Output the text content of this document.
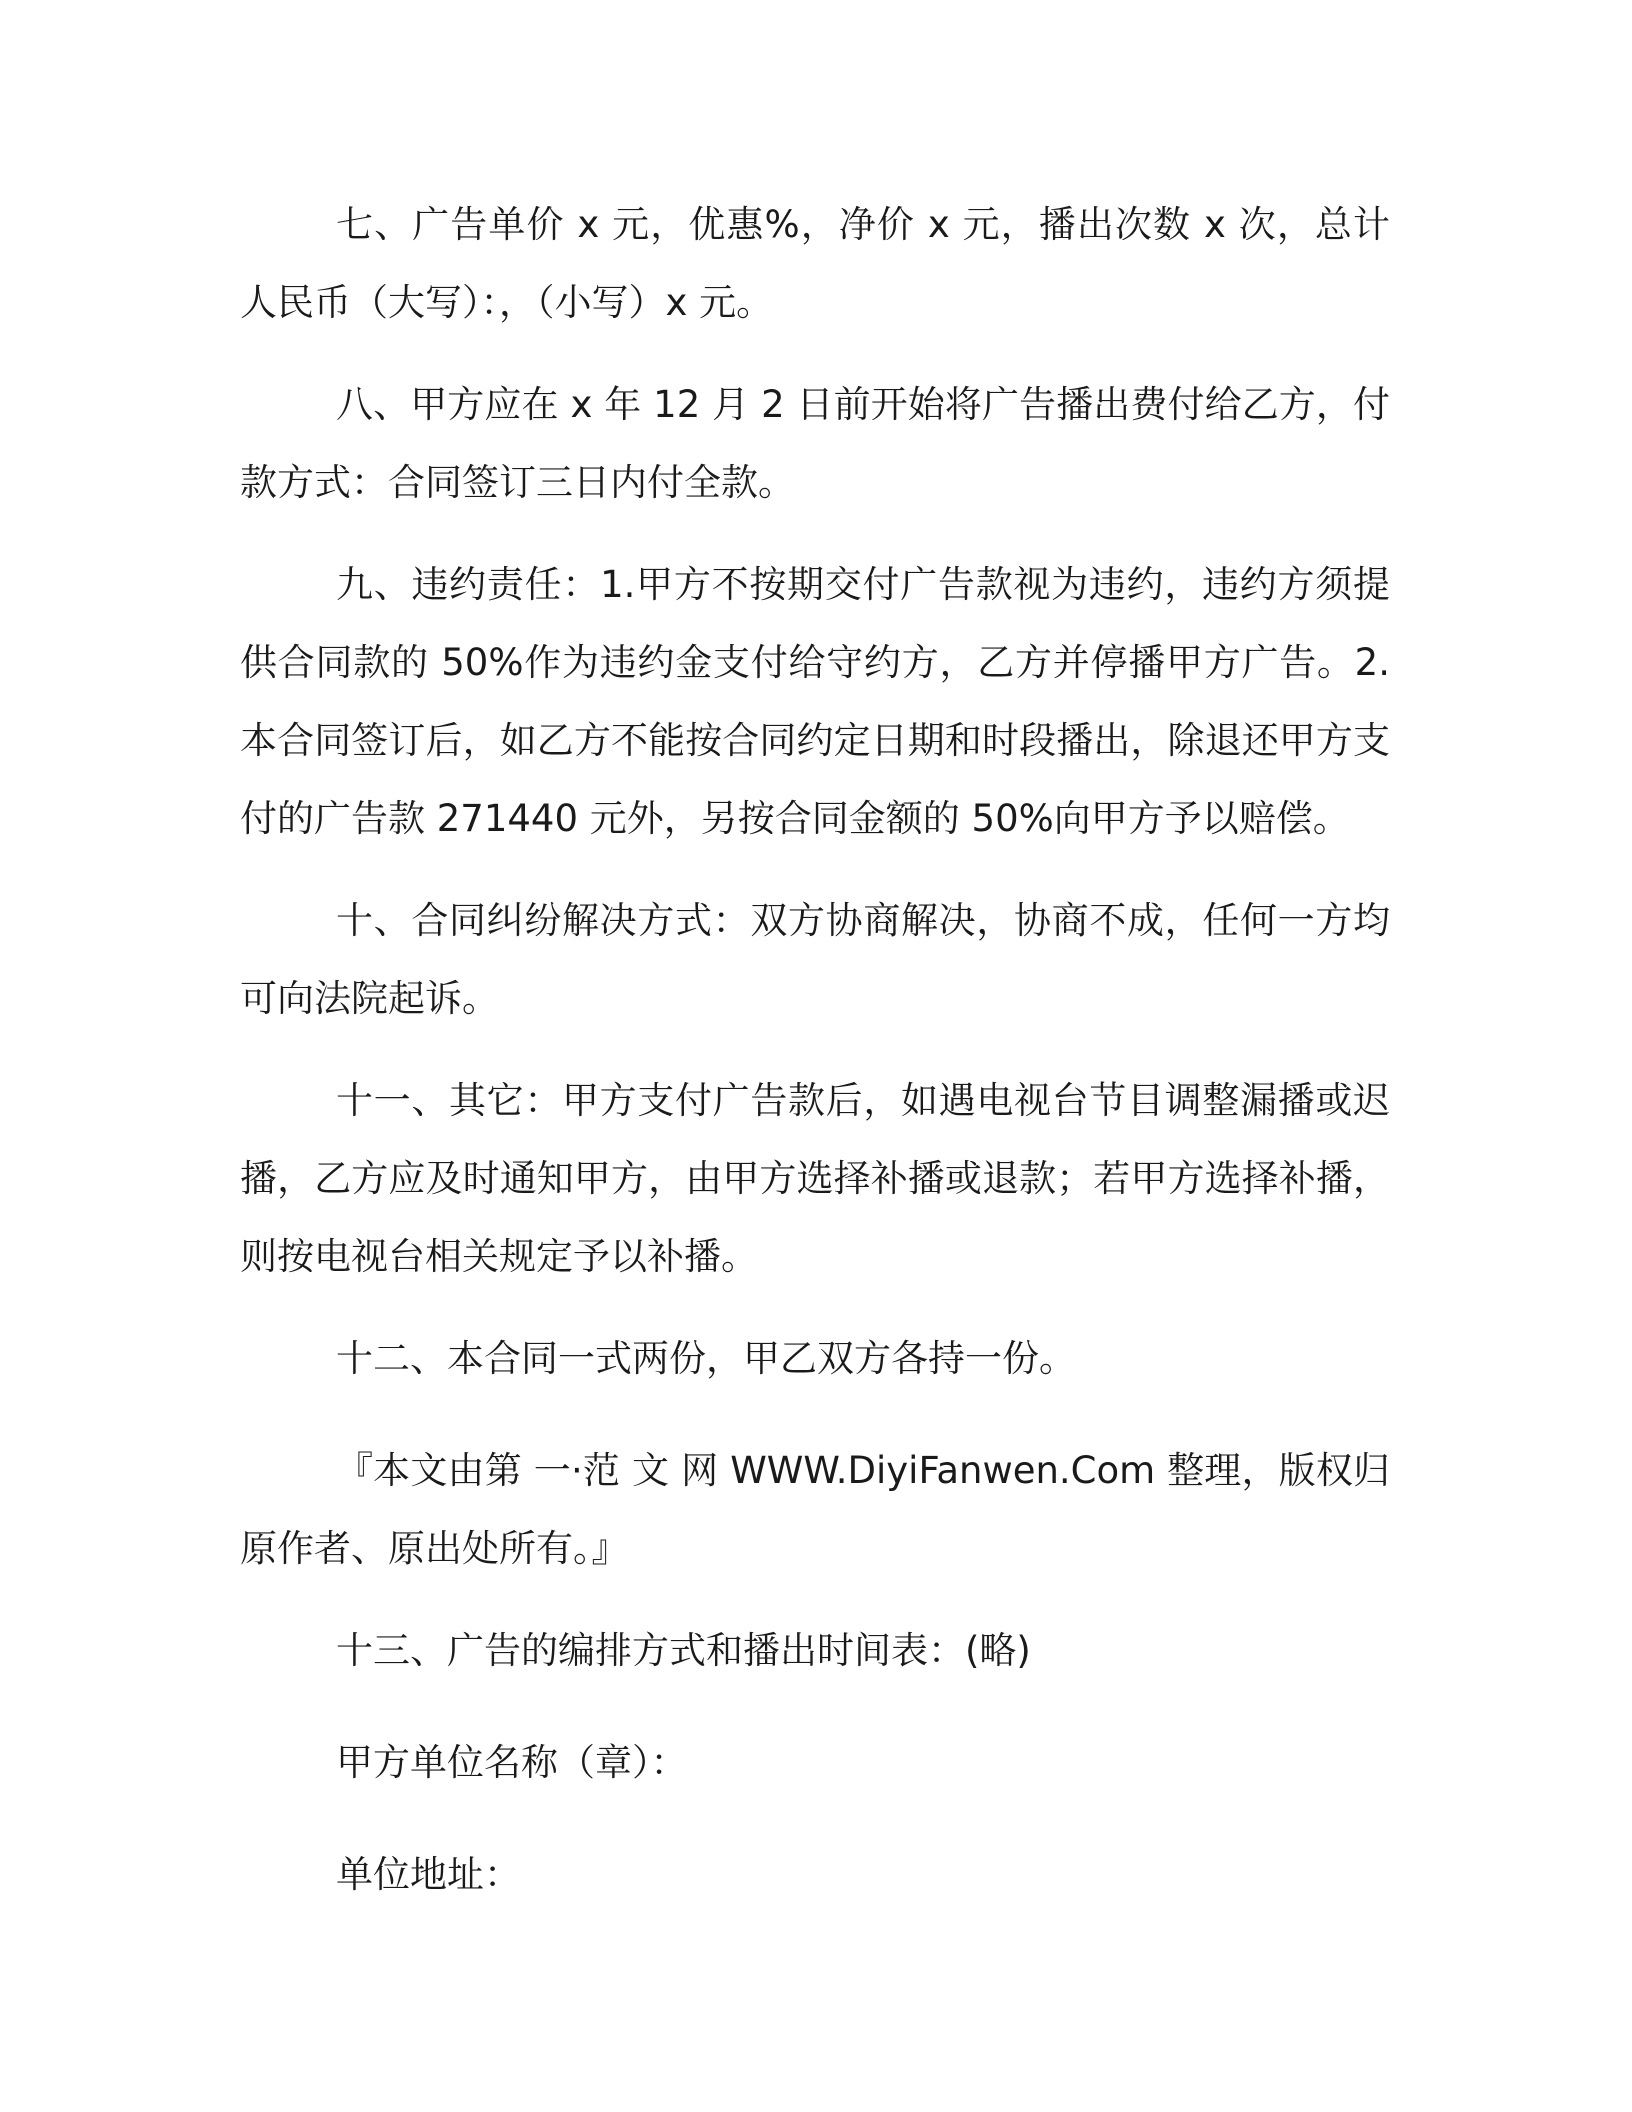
七、广告单价 x 元，优惠%，净价 x 元，播出次数 x 次，总计人民币（大写）：，（小写）x 元。

八、甲方应在 x 年 12 月 2 日前开始将广告播出费付给乙方，付款方式：合同签订三日内付全款。

九、违约责任：1.甲方不按期交付广告款视为违约，违约方须提供合同款的 50%作为违约金支付给守约方，乙方并停播甲方广告。2.本合同签订后，如乙方不能按合同约定日期和时段播出，除退还甲方支付的广告款 271440 元外，另按合同金额的 50%向甲方予以赔偿。

十、合同纠纷解决方式：双方协商解决，协商不成，任何一方均可向法院起诉。

十一、其它：甲方支付广告款后，如遇电视台节目调整漏播或迟播，乙方应及时通知甲方，由甲方选择补播或退款；若甲方选择补播，则按电视台相关规定予以补播。

十二、本合同一式两份，甲乙双方各持一份。

『本文由第 一·范 文 网 WWW.DiyiFanwen.Com 整理，版权归原作者、原出处所有。』

十三、广告的编排方式和播出时间表：(略)

甲方单位名称（章）：

单位地址：
